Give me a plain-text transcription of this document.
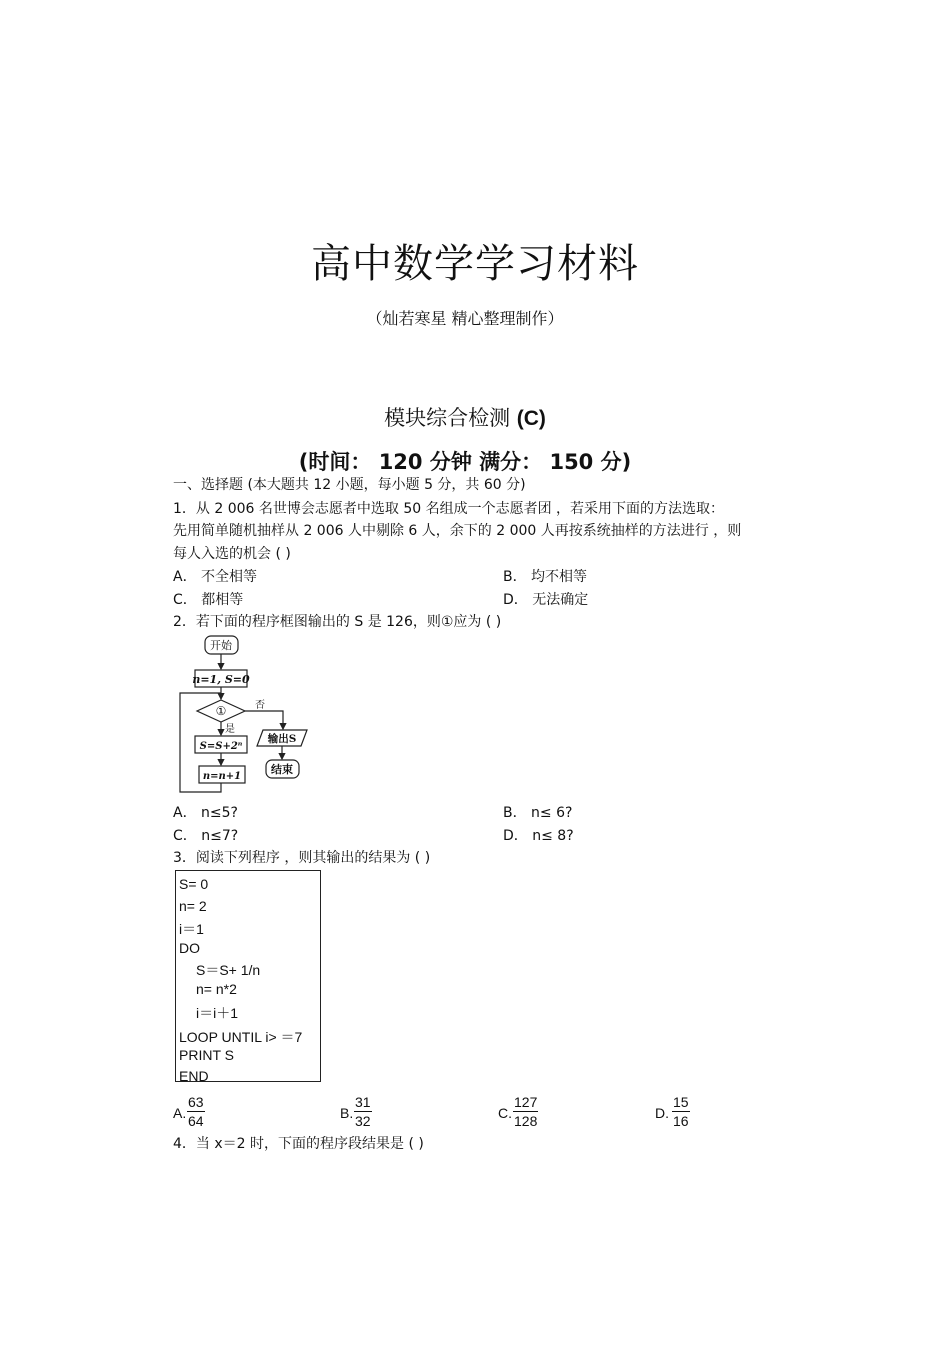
高中数学学习材料
（灿若寒星 精心整理制作）
模块综合检测 (C)
(时间： 120 分钟 满分： 150 分)
一、选择题 (本大题共 12 小题，每小题 5 分，共 60 分)
1．从 2 006 名世博会志愿者中选取 50 名组成一个志愿者团 ，若采用下面的方法选取：
先用简单随机抽样从 2 006 人中剔除 6 人，余下的 2 000 人再按系统抽样的方法进行 ，则
每人入选的机会 ( )
A． 不全相等	B． 均不相等
C． 都相等	D． 无法确定
2．若下面的程序框图输出的 S 是 126，则①应为 ( )
开始
n=1, S=0
①	否
是
S=S+2ⁿ
输出S
n=n+1
结束
A． n≤5?	B． n≤ 6?
C． n≤7?	D． n≤ 8?
3．阅读下列程序 ，则其输出的结果为 ( )
S= 0
n= 2
i＝1
DO
S＝S+ 1/n
n= n*2
i＝i＋1
LOOP UNTIL i> ＝7
PRINT S
END
A. $\frac{63}{64}$	B. $\frac{31}{32}$	C. $\frac{127}{128}$	D. $\frac{15}{16}$
4．当 x＝2 时，下面的程序段结果是 ( )
